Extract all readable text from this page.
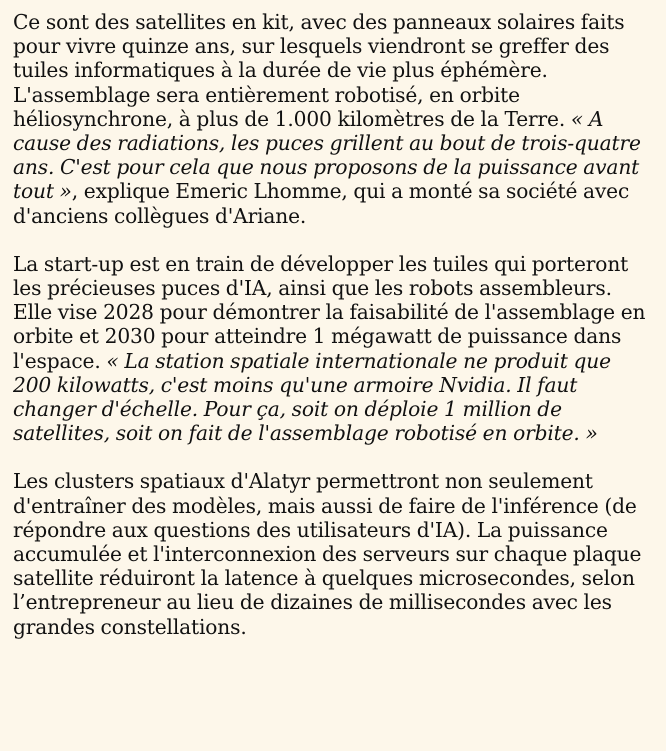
Ce sont des satellites en kit, avec des panneaux solaires faits pour vivre quinze ans, sur lesquels viendront se greffer des tuiles informatiques à la durée de vie plus éphémère. L'assemblage sera entièrement robotisé, en orbite héliosynchrone, à plus de 1.000 kilomètres de la Terre. « A cause des radiations, les puces grillent au bout de trois-quatre ans. C'est pour cela que nous proposons de la puissance avant tout », explique Emeric Lhomme, qui a monté sa société avec d'anciens collègues d'Ariane.

La start-up est en train de développer les tuiles qui porteront les précieuses puces d'IA, ainsi que les robots assembleurs. Elle vise 2028 pour démontrer la faisabilité de l'assemblage en orbite et 2030 pour atteindre 1 mégawatt de puissance dans l'espace. « La station spatiale internationale ne produit que 200 kilowatts, c'est moins qu'une armoire Nvidia. Il faut changer d'échelle. Pour ça, soit on déploie 1 million de satellites, soit on fait de l'assemblage robotisé en orbite. »

Les clusters spatiaux d'Alatyr permettront non seulement d'entraîner des modèles, mais aussi de faire de l'inférence (de répondre aux questions des utilisateurs d'IA). La puissance accumulée et l'interconnexion des serveurs sur chaque plaque satellite réduiront la latence à quelques microsecondes, selon l’entrepreneur au lieu de dizaines de millisecondes avec les grandes constellations.
